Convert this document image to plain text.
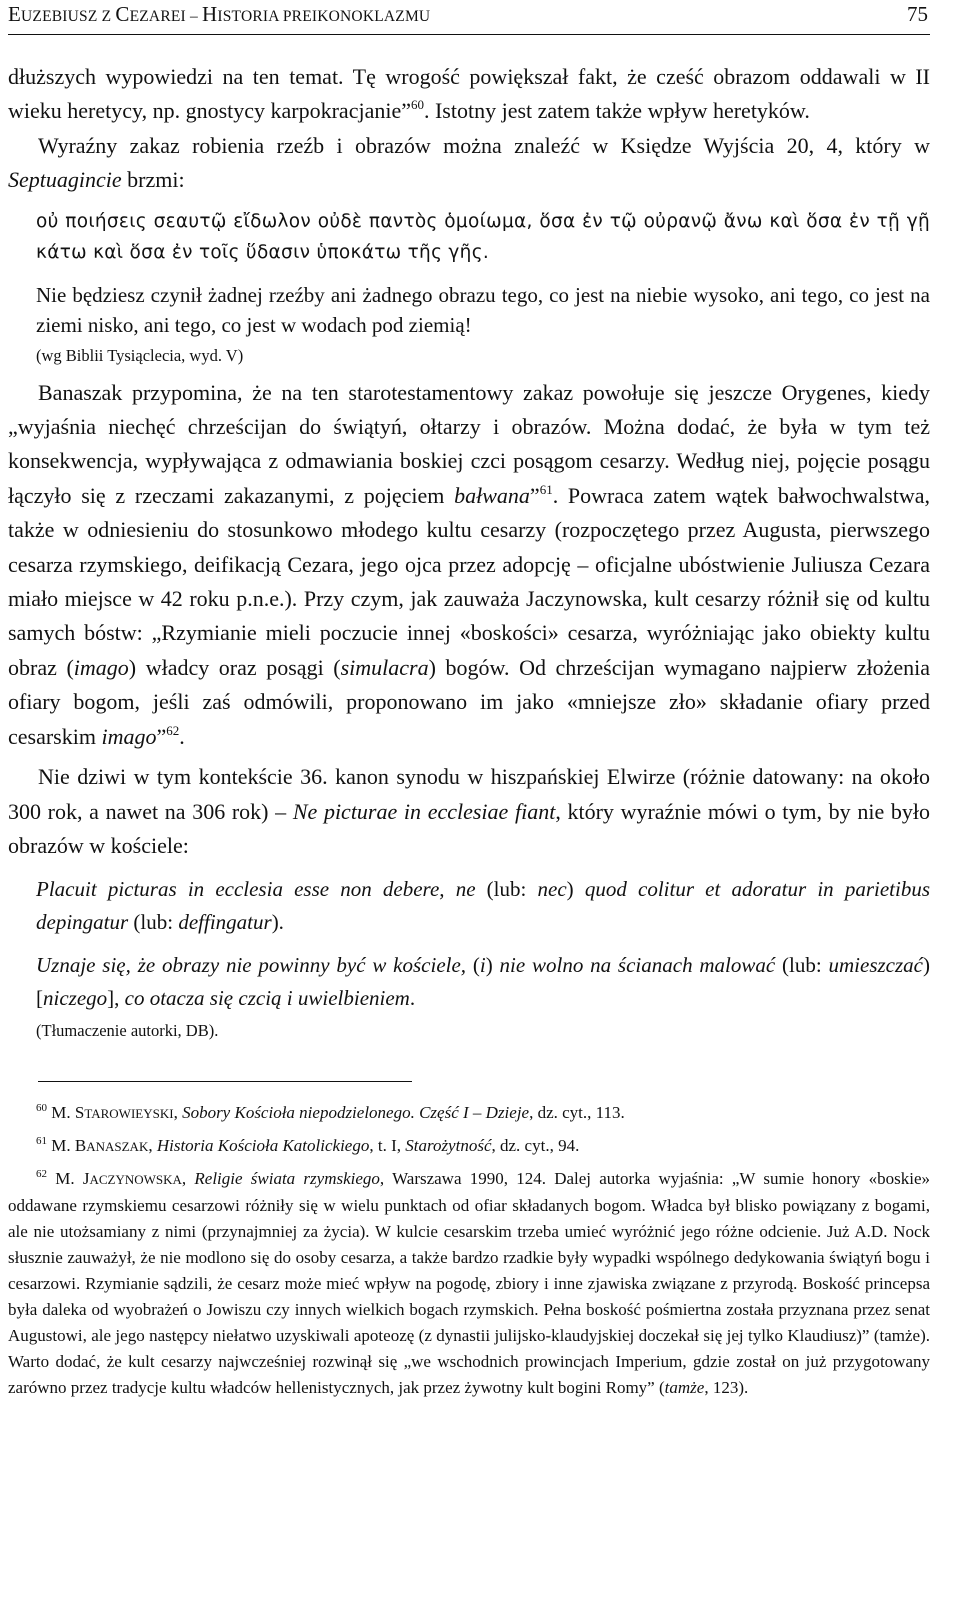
EUZEBIUSZ Z CEZAREI – HISTORIA PREIKONOKLAZMU	75

dłuższych wypowiedzi na ten temat. Tę wrogość powiększał fakt, że cześć obrazom oddawali w II wieku heretycy, np. gnostycy karpokracjanie”$^{60}$. Istotny jest zatem także wpływ heretyków.

Wyraźny zakaz robienia rzeźb i obrazów można znaleźć w Księdze Wyjścia 20, 4, który w Septuagincie brzmi:

οὐ ποιήσεις σεαυτῷ εἴδωλον οὐδὲ παντὸς ὁμοίωμα, ὅσα ἐν τῷ οὐρανῷ ἄνω καὶ ὅσα ἐν τῇ γῇ κάτω καὶ ὅσα ἐν τοῖς ὕδασιν ὑποκάτω τῆς γῆς.

Nie będziesz czynił żadnej rzeźby ani żadnego obrazu tego, co jest na niebie wysoko, ani tego, co jest na ziemi nisko, ani tego, co jest w wodach pod ziemią!

(wg Biblii Tysiąclecia, wyd. V)

Banaszak przypomina, że na ten starotestamentowy zakaz powołuje się jeszcze Orygenes, kiedy „wyjaśnia niechęć chrześcijan do świątyń, ołtarzy i obrazów. Można dodać, że była w tym też konsekwencja, wypływająca z odmawiania boskiej czci posągom cesarzy. Według niej, pojęcie posągu łączyło się z rzeczami zakazanymi, z pojęciem bałwana”$^{61}$. Powraca zatem wątek bałwochwalstwa, także w odniesieniu do stosunkowo młodego kultu cesarzy (rozpoczętego przez Augusta, pierwszego cesarza rzymskiego, deifikacją Cezara, jego ojca przez adopcję – oficjalne ubóstwienie Juliusza Cezara miało miejsce w 42 roku p.n.e.). Przy czym, jak zauważa Jaczynowska, kult cesarzy różnił się od kultu samych bóstw: „Rzymianie mieli poczucie innej «boskości» cesarza, wyróżniając jako obiekty kultu obraz (imago) władcy oraz posągi (simulacra) bogów. Od chrześcijan wymagano najpierw złożenia ofiary bogom, jeśli zaś odmówili, proponowano im jako «mniejsze zło» składanie ofiary przed cesarskim imago”$^{62}$.

Nie dziwi w tym kontekście 36. kanon synodu w hiszpańskiej Elwirze (różnie datowany: na około 300 rok, a nawet na 306 rok) – Ne picturae in ecclesiae fiant, który wyraźnie mówi o tym, by nie było obrazów w kościele:

Placuit picturas in ecclesia esse non debere, ne (lub: nec) quod colitur et adoratur in parietibus depingatur (lub: deffingatur).

Uznaje się, że obrazy nie powinny być w kościele, (i) nie wolno na ścianach malować (lub: umieszczać) [niczego], co otacza się czcią i uwielbieniem.

(Tłumaczenie autorki, DB).

$^{60}$ M. STAROWIEYSKI, Sobory Kościoła niepodzielonego. Część I – Dzieje, dz. cyt., 113.

$^{61}$ M. BANASZAK, Historia Kościoła Katolickiego, t. I, Starożytność, dz. cyt., 94.

$^{62}$ M. JACZYNOWSKA, Religie świata rzymskiego, Warszawa 1990, 124. Dalej autorka wyjaśnia: „W sumie honory «boskie» oddawane rzymskiemu cesarzowi różniły się w wielu punktach od ofiar składanych bogom. Władca był blisko powiązany z bogami, ale nie utożsamiany z nimi (przynajmniej za życia). W kulcie cesarskim trzeba umieć wyróżnić jego różne odcienie. Już A.D. Nock słusznie zauważył, że nie modlono się do osoby cesarza, a także bardzo rzadkie były wypadki wspólnego dedykowania świątyń bogu i cesarzowi. Rzymianie sądzili, że cesarz może mieć wpływ na pogodę, zbiory i inne zjawiska związane z przyrodą. Boskość princepsa była daleka od wyobrażeń o Jowiszu czy innych wielkich bogach rzymskich. Pełna boskość pośmiertna została przyznana przez senat Augustowi, ale jego następcy niełatwo uzyskiwali apoteozę (z dynastii julijsko-klaudyjskiej doczekał się jej tylko Klaudiusz)” (tamże). Warto dodać, że kult cesarzy najwcześniej rozwinął się „we wschodnich prowincjach Imperium, gdzie został on już przygotowany zarówno przez tradycje kultu władców hellenistycznych, jak przez żywotny kult bogini Romy” (tamże, 123).
